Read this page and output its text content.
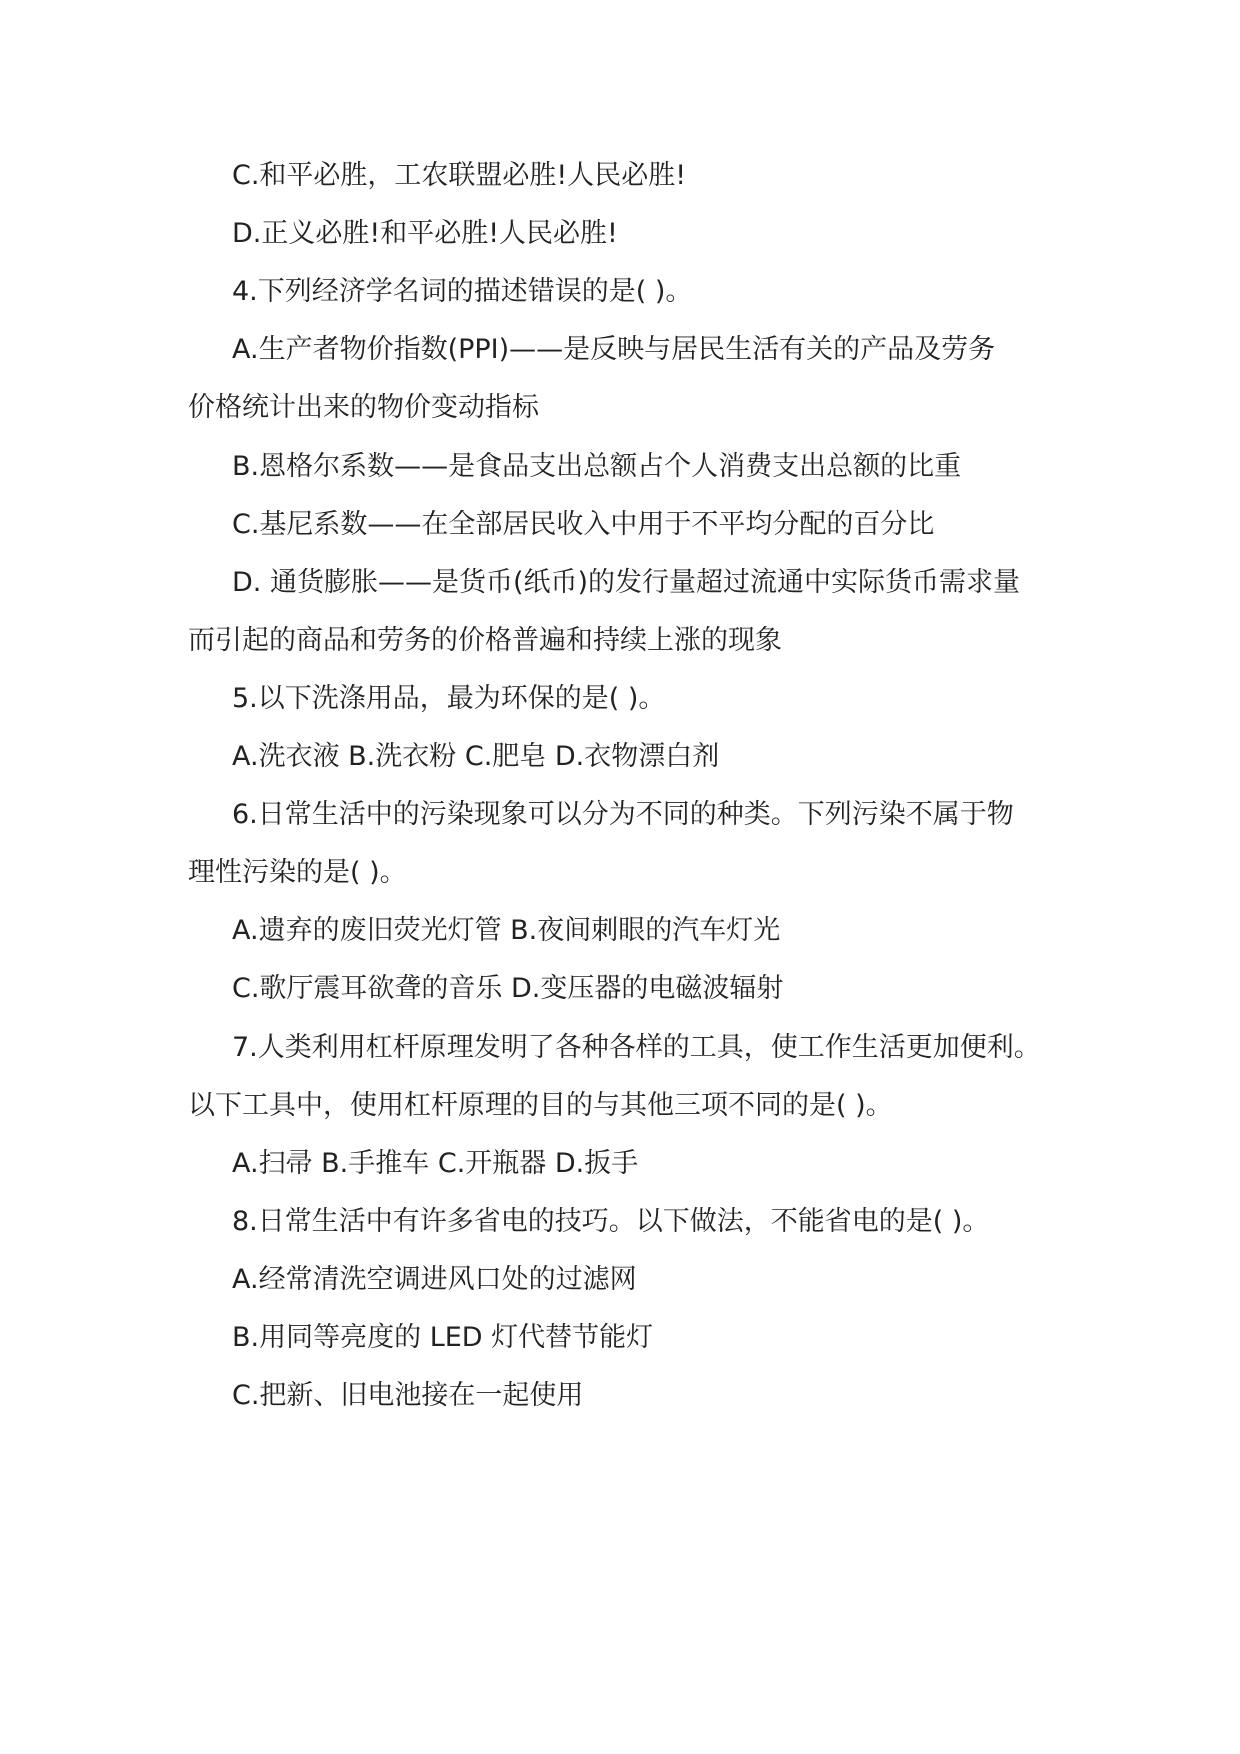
C.和平必胜，工农联盟必胜!人民必胜!
D.正义必胜!和平必胜!人民必胜!
4.下列经济学名词的描述错误的是( )。
A.生产者物价指数(PPI)——是反映与居民生活有关的产品及劳务
价格统计出来的物价变动指标
B.恩格尔系数——是食品支出总额占个人消费支出总额的比重
C.基尼系数——在全部居民收入中用于不平均分配的百分比
D. 通货膨胀——是货币(纸币)的发行量超过流通中实际货币需求量
而引起的商品和劳务的价格普遍和持续上涨的现象
5.以下洗涤用品，最为环保的是( )。
A.洗衣液 B.洗衣粉 C.肥皂 D.衣物漂白剂
6.日常生活中的污染现象可以分为不同的种类。下列污染不属于物
理性污染的是( )。
A.遗弃的废旧荧光灯管 B.夜间刺眼的汽车灯光
C.歌厅震耳欲聋的音乐 D.变压器的电磁波辐射
7.人类利用杠杆原理发明了各种各样的工具，使工作生活更加便利。
以下工具中，使用杠杆原理的目的与其他三项不同的是( )。
A.扫帚 B.手推车 C.开瓶器 D.扳手
8.日常生活中有许多省电的技巧。以下做法，不能省电的是( )。
A.经常清洗空调进风口处的过滤网
B.用同等亮度的 LED 灯代替节能灯
C.把新、旧电池接在一起使用
